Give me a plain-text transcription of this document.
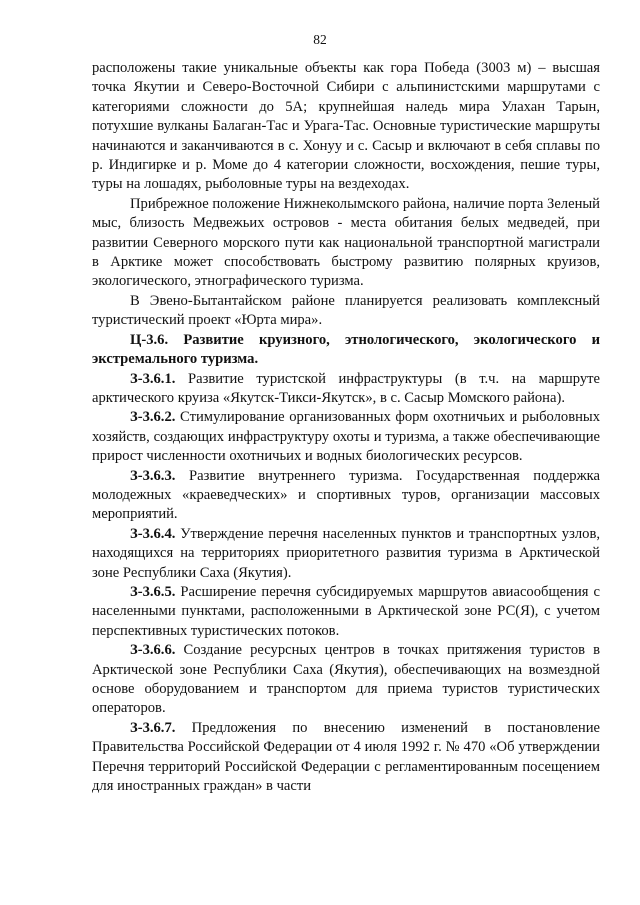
82

расположены такие уникальные объекты как гора Победа (3003 м) – высшая точка Якутии и Северо-Восточной Сибири с альпинистскими маршрутами с категориями сложности до 5А; крупнейшая наледь мира Улахан Тарын, потухшие вулканы Балаган-Тас и Урага-Тас. Основные туристические маршруты начинаются и заканчиваются в с. Хонуу и с. Сасыр и включают в себя сплавы по р. Индигирке и р. Моме до 4 категории сложности, восхождения, пешие туры, туры на лошадях, рыболовные туры на вездеходах.

Прибрежное положение Нижнеколымского района, наличие порта Зеленый мыс, близость Медвежьих островов - места обитания белых медведей, при развитии Северного морского пути как национальной транспортной магистрали в Арктике может способствовать быстрому развитию полярных круизов, экологического, этнографического туризма.

В Эвено-Бытантайском районе планируется реализовать комплексный туристический проект «Юрта мира».

Ц-3.6. Развитие круизного, этнологического, экологического и экстремального туризма.

З-3.6.1. Развитие туристской инфраструктуры (в т.ч. на маршруте арктического круиза «Якутск-Тикси-Якутск», в с. Сасыр Момского района).

З-3.6.2. Стимулирование организованных форм охотничьих и рыболовных хозяйств, создающих инфраструктуру охоты и туризма, а также обеспечивающие прирост численности охотничьих и водных биологических ресурсов.

З-3.6.3. Развитие внутреннего туризма. Государственная поддержка молодежных «краеведческих» и спортивных туров, организации массовых мероприятий.

З-3.6.4. Утверждение перечня населенных пунктов и транспортных узлов, находящихся на территориях приоритетного развития туризма в Арктической зоне Республики Саха (Якутия).

З-3.6.5. Расширение перечня субсидируемых маршрутов авиасообщения с населенными пунктами, расположенными в Арктической зоне РС(Я), с учетом перспективных туристических потоков.

З-3.6.6. Создание ресурсных центров в точках притяжения туристов в Арктической зоне Республики Саха (Якутия), обеспечивающих на возмездной основе оборудованием и транспортом для приема туристов туристических операторов.

З-3.6.7. Предложения по внесению изменений в постановление Правительства Российской Федерации от 4 июля 1992 г. № 470 «Об утверждении Перечня территорий Российской Федерации с регламентированным посещением для иностранных граждан» в части
